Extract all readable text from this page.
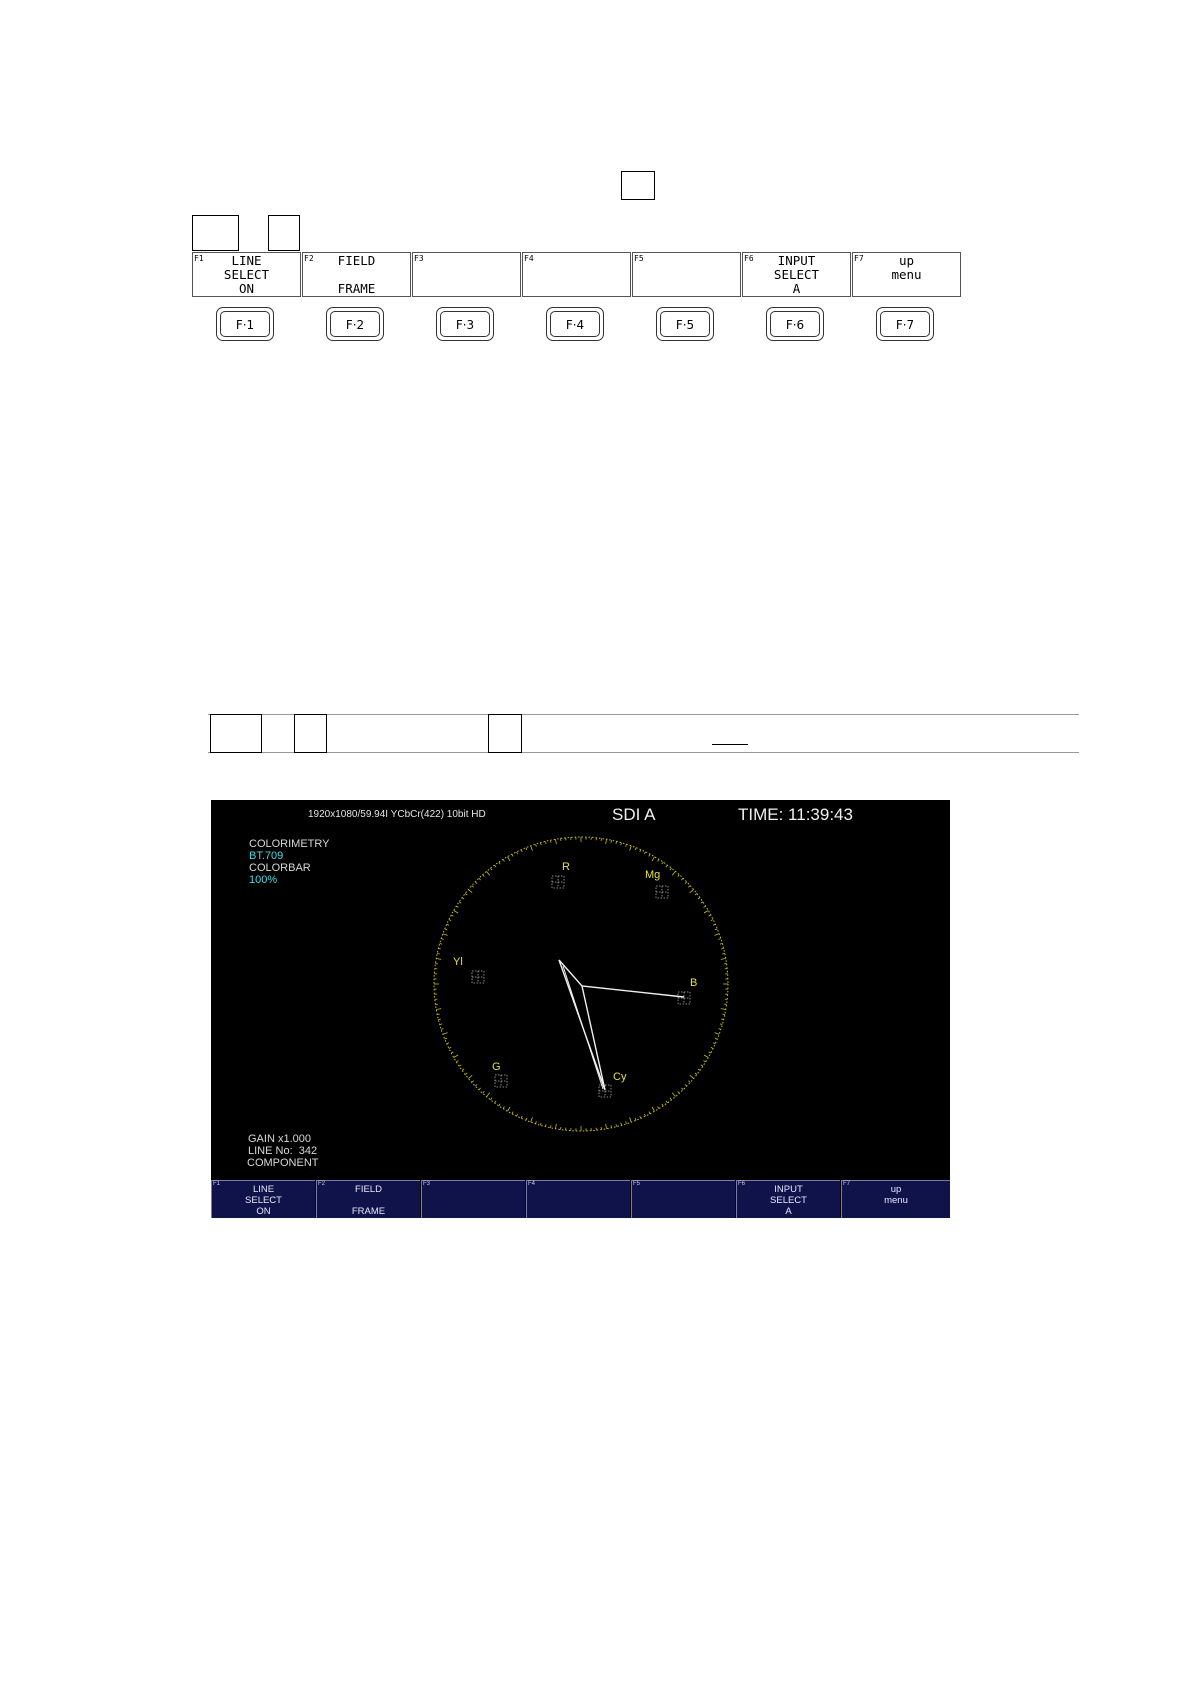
F1	LINE
SELECT
ON
F2	FIELD

FRAME
F3	F4	F5	F6	INPUT
SELECT
A
F7	up
menu
F·1	F·2	F·3	F·4	F·5	F·6	F·7
1920x1080/59.94I YCbCr(422) 10bit HD	SDI A	TIME: 11:39:43
COLORIMETRY
BT.709
COLORBAR
100%
GAIN x1.000
LINE No:  342
COMPONENT
R
Mg
Yl
B
G
Cy
F1	LINE
SELECT
ON
F2	FIELD

FRAME
F3	F4	F5	F6	INPUT
SELECT
A
F7	up
menu
